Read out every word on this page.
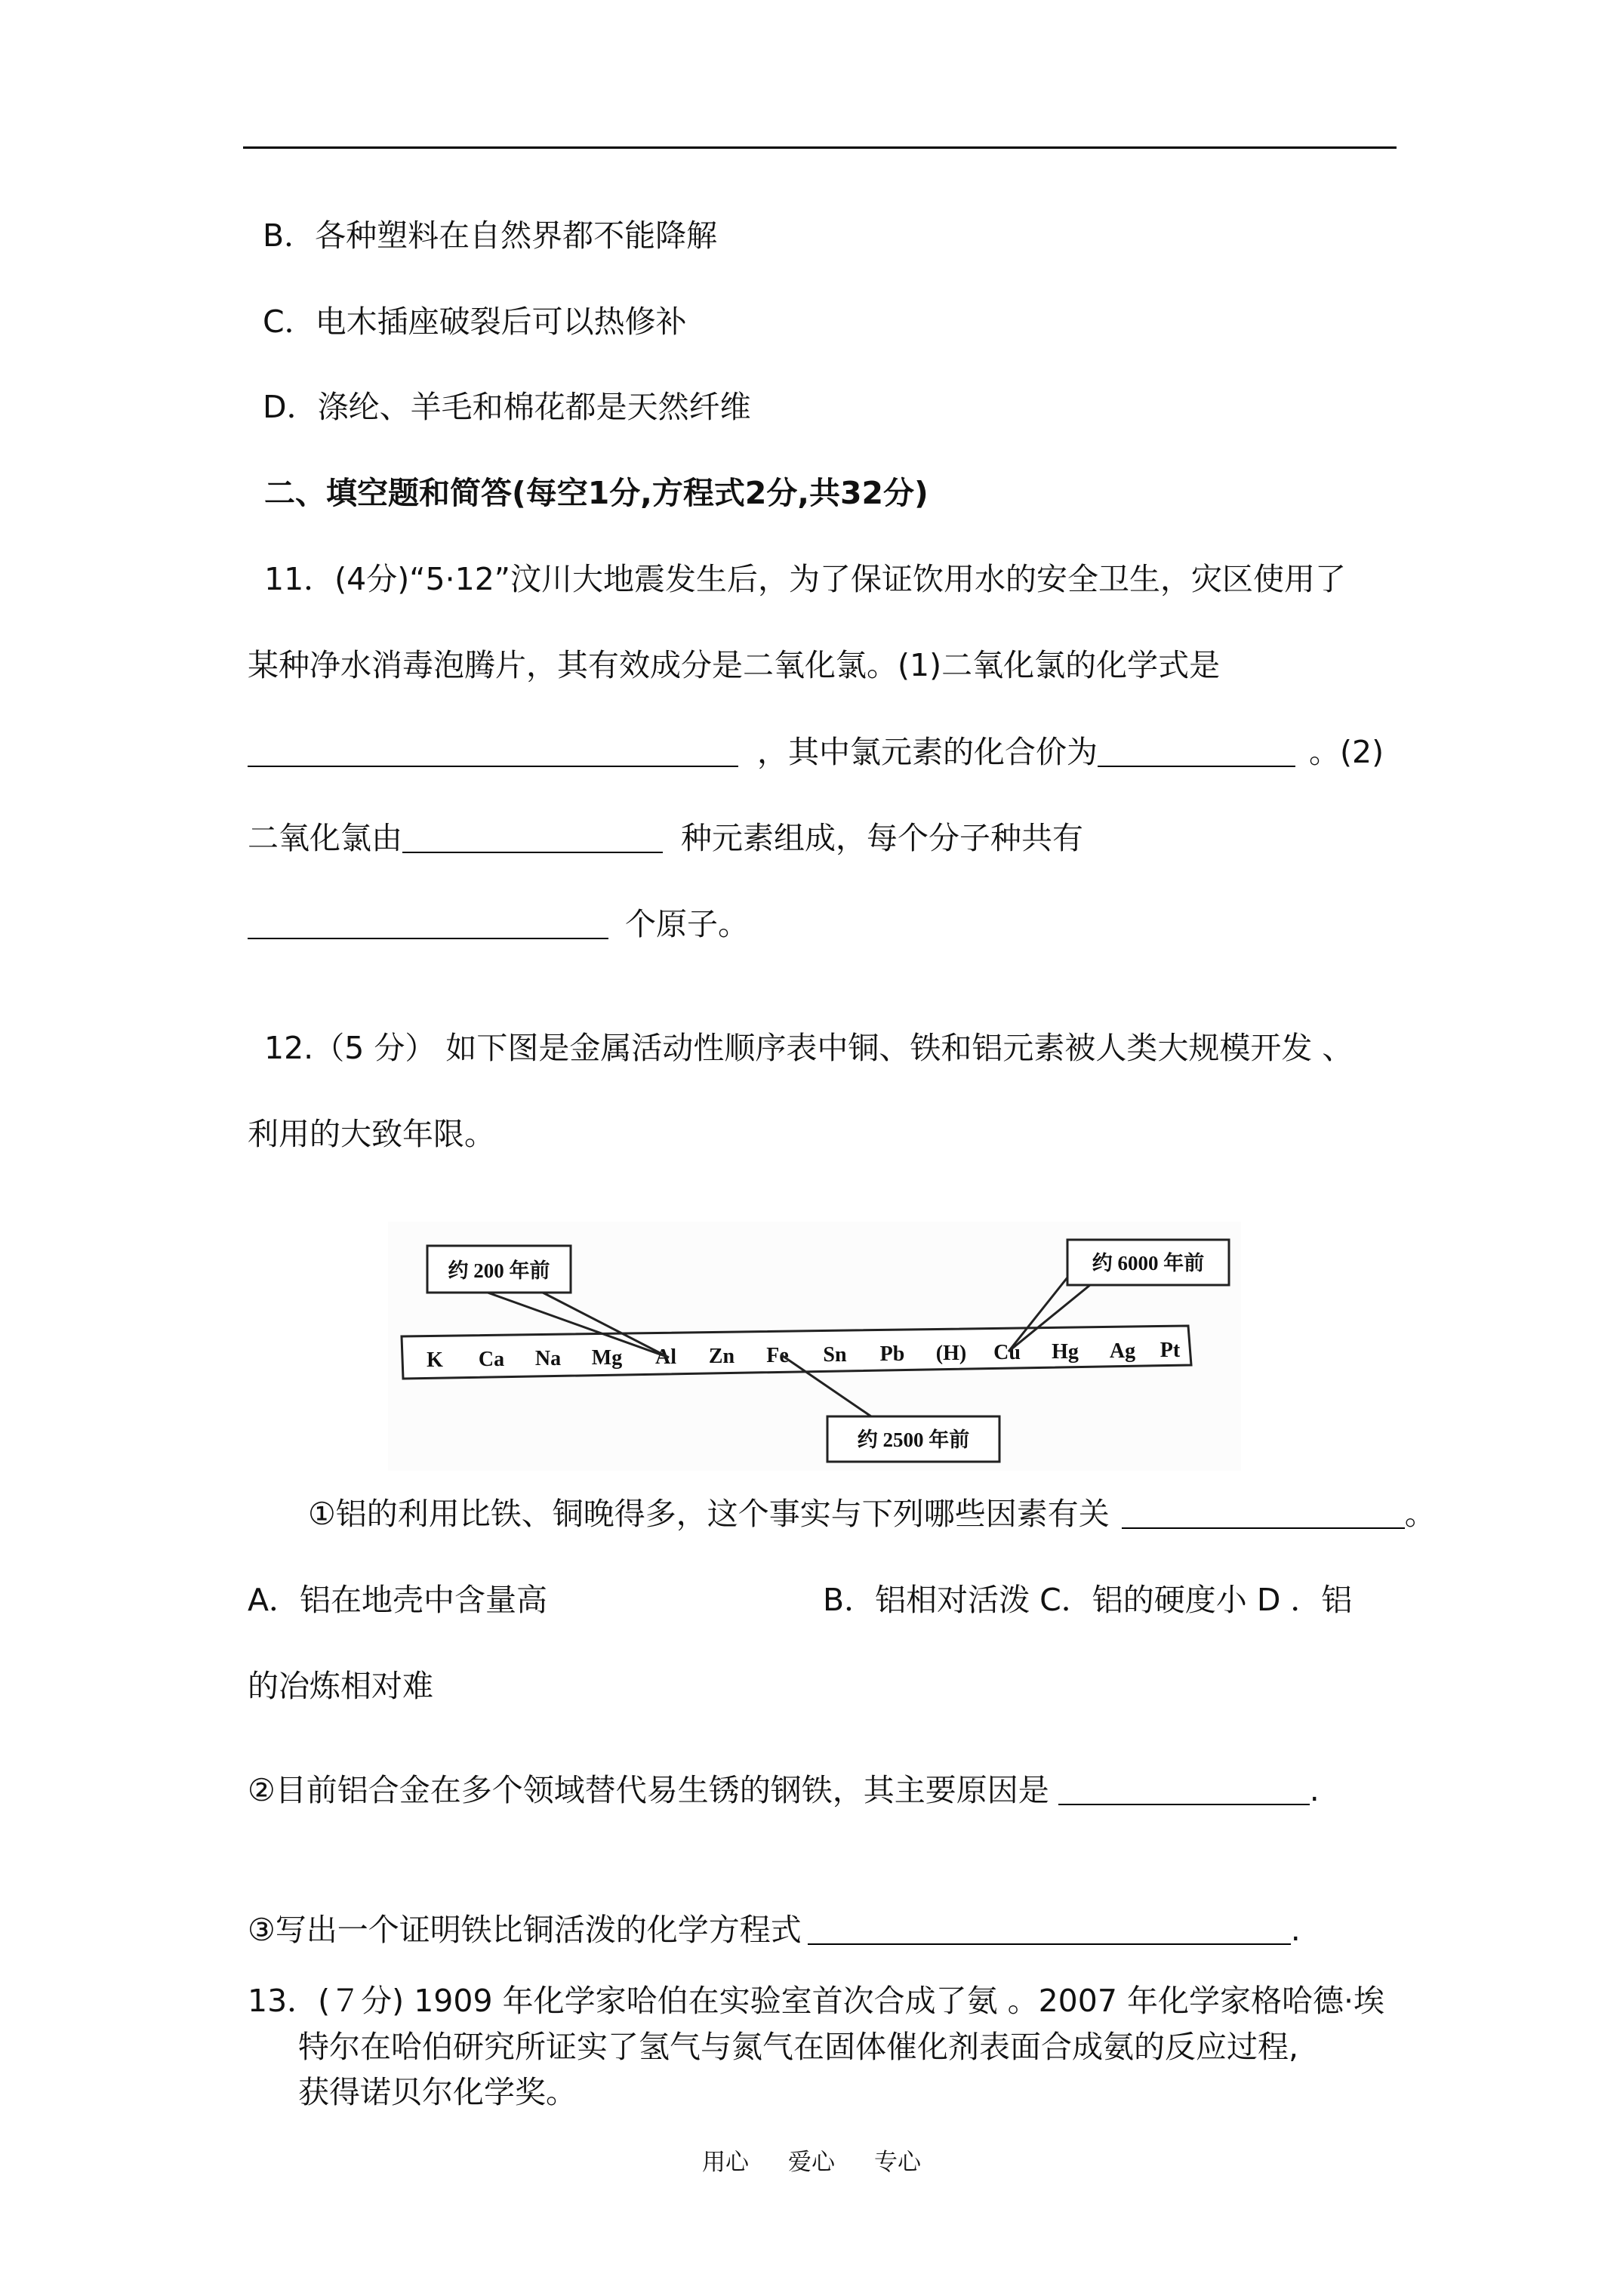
B．各种塑料在自然界都不能降解
C．电木插座破裂后可以热修补
D．涤纶、羊毛和棉花都是天然纤维
二、填空题和简答(每空1分,方程式2分,共32分)
11．(4分)“5·12”汶川大地震发生后，为了保证饮用水的安全卫生，灾区使用了
某种净水消毒泡腾片，其有效成分是二氧化氯。(1)二氧化氯的化学式是
，其中氯元素的化合价为	。(2)
二氧化氯由	种元素组成，每个分子种共有
个原子。
12.（5 分） 如下图是金属活动性顺序表中铜、铁和铝元素被人类大规模开发 、
利用的大致年限。
K Ca Na Mg Al Zn Fe Sn Pb (H) Cu Hg Ag Pt
约 200 年前	约 6000 年前
约 2500 年前
①铝的利用比铁、铜晚得多，这个事实与下列哪些因素有关	。
A．铝在地壳中含量高	B．铝相对活泼 C．铝的硬度小 D ．铝
的冶炼相对难
②目前铝合金在多个领域替代易生锈的钢铁，其主要原因是	.
③写出一个证明铁比铜活泼的化学方程式	.
13．(７分) 1909 年化学家哈伯在实验室首次合成了氨 。2007 年化学家格哈德·埃
特尔在哈伯研究所证实了氢气与氮气在固体催化剂表面合成氨的反应过程,
获得诺贝尔化学奖。
用心 爱心 专心
